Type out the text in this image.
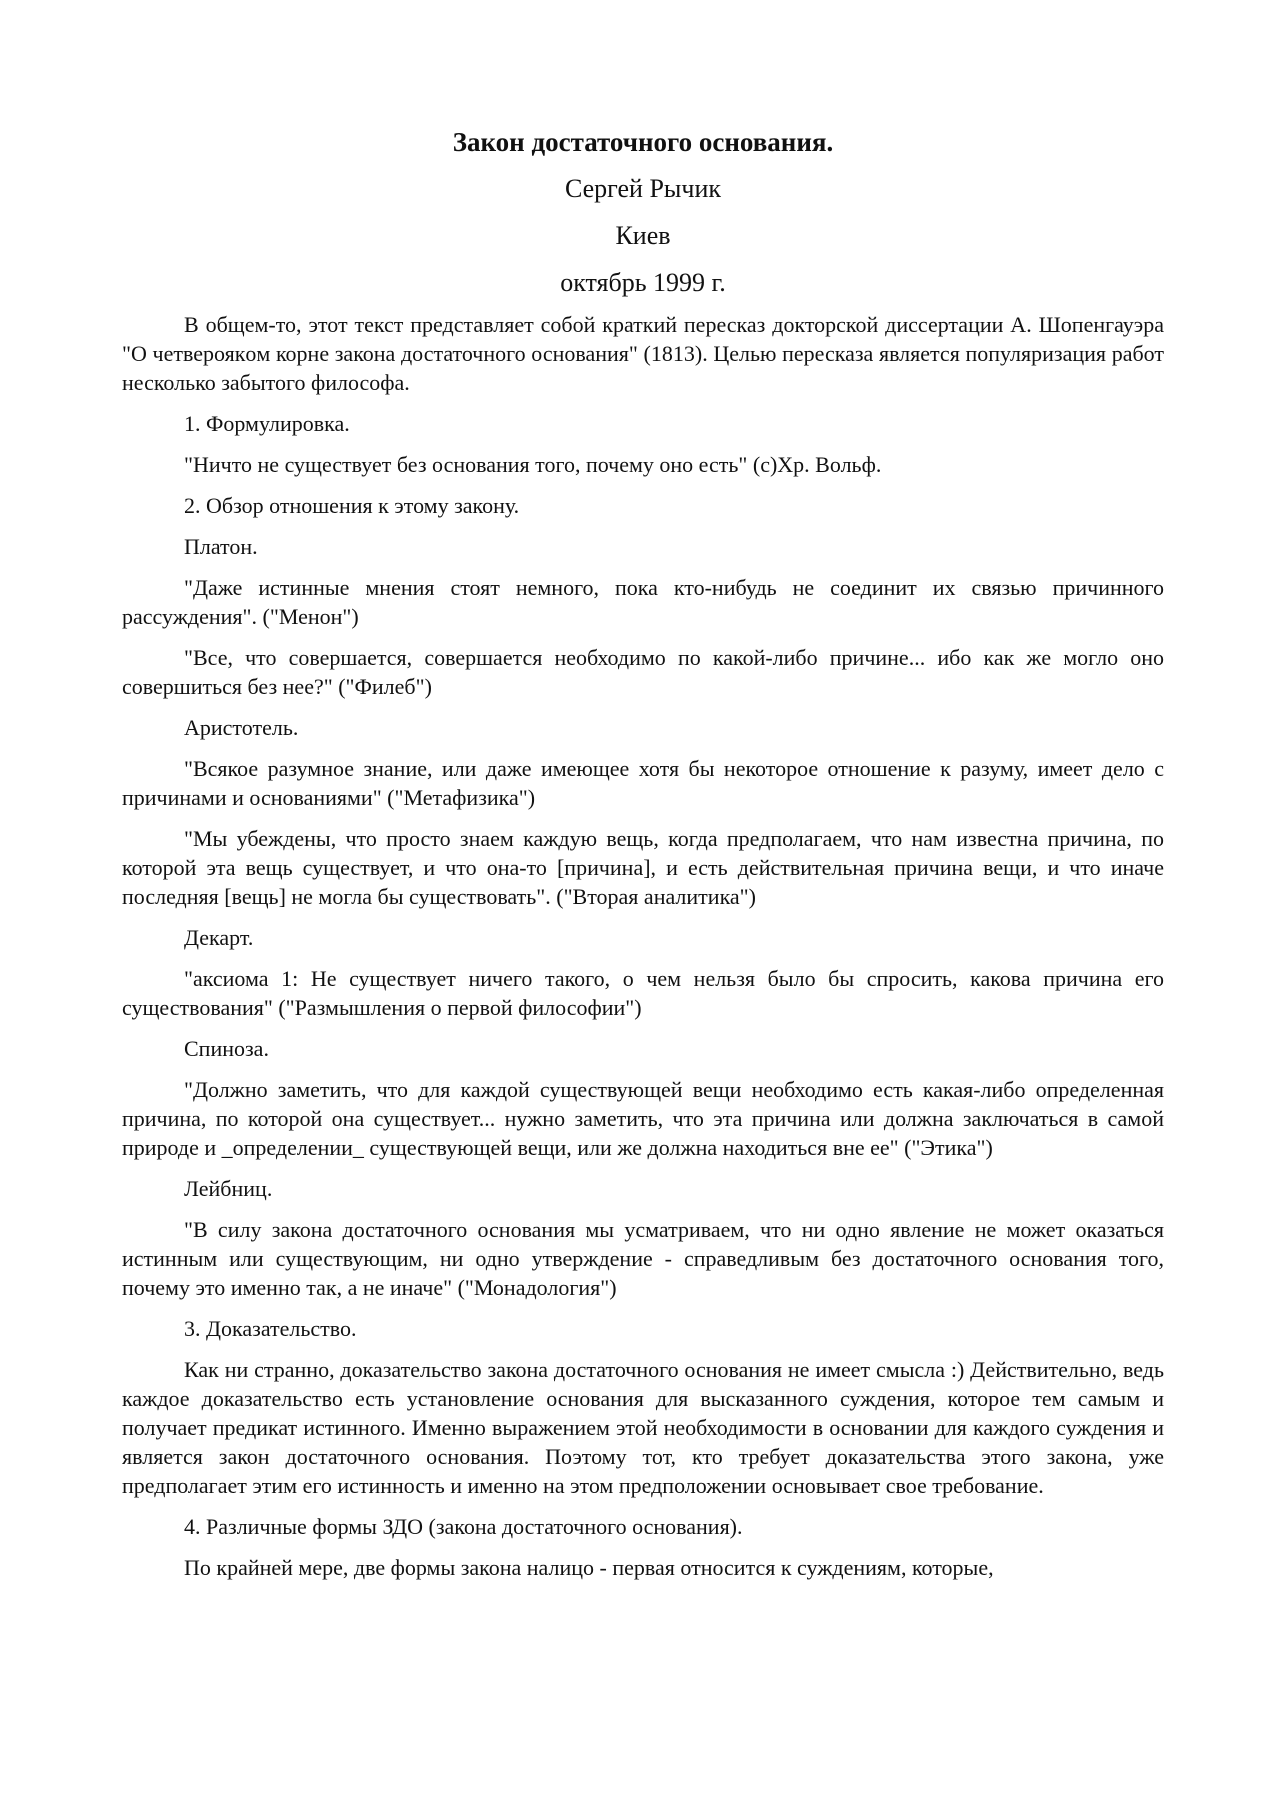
Закон достаточного основания.
Сергей Рычик
Киев
октябрь 1999 г.

В общем-то, этот текст представляет собой краткий пересказ докторской диссертации А. Шопенгауэра "О четвероякoм корне закона достаточного основания" (1813). Целью пересказа является популяризация работ несколько забытого философа.

1. Формулировка.

"Ничто не существует без основания того, почему оно есть" (с)Хр. Вольф.

2. Обзор отношения к этому закону.

Платон.

"Даже истинные мнения стоят немного, пока кто-нибудь не соединит их связью причинного рассуждения". ("Менон")

"Все, что совершается, совершается необходимо по какой-либо причине... ибо как же могло оно совершиться без нее?" ("Филеб")

Аристотель.

"Всякое разумное знание, или даже имеющее хотя бы некоторое отношение к разуму, имеет дело с причинами и основаниями" ("Метафизика")

"Мы убеждены, что просто знаем каждую вещь, когда предполагаем, что нам известна причина, по которой эта вещь существует, и что она-то [причина], и есть действительная причина вещи, и что иначе последняя [вещь] не могла бы существовать". ("Вторая аналитика")

Декарт.

"аксиома 1: Не существует ничего такого, о чем нельзя было бы спросить, какова причина его существования" ("Размышления о первой философии")

Спиноза.

"Должно заметить, что для каждой существующей вещи необходимо есть какая-либо определенная причина, по которой она существует... нужно заметить, что эта причина или должна заключаться в самой природе и _определении_ существующей вещи, или же должна находиться вне ее" ("Этика")

Лейбниц.

"В силу закона достаточного основания мы усматриваем, что ни одно явление не может оказаться истинным или существующим, ни одно утверждение - справедливым без достаточного основания того, почему это именно так, а не иначе" ("Монадология")

3. Доказательство.

Как ни странно, доказательство закона достаточного основания не имеет смысла :) Действительно, ведь каждое доказательство есть установление основания для высказанного суждения, которое тем самым и получает предикат истинного. Именно выражением этой необходимости в основании для каждого суждения и является закон достаточного основания. Поэтому тот, кто требует доказательства этого закона, уже предполагает этим его истинность и именно на этом предположении основывает свое требование.

4. Различные формы ЗДО (закона достаточного основания).

По крайней мере, две формы закона налицо - первая относится к суждениям, которые,
